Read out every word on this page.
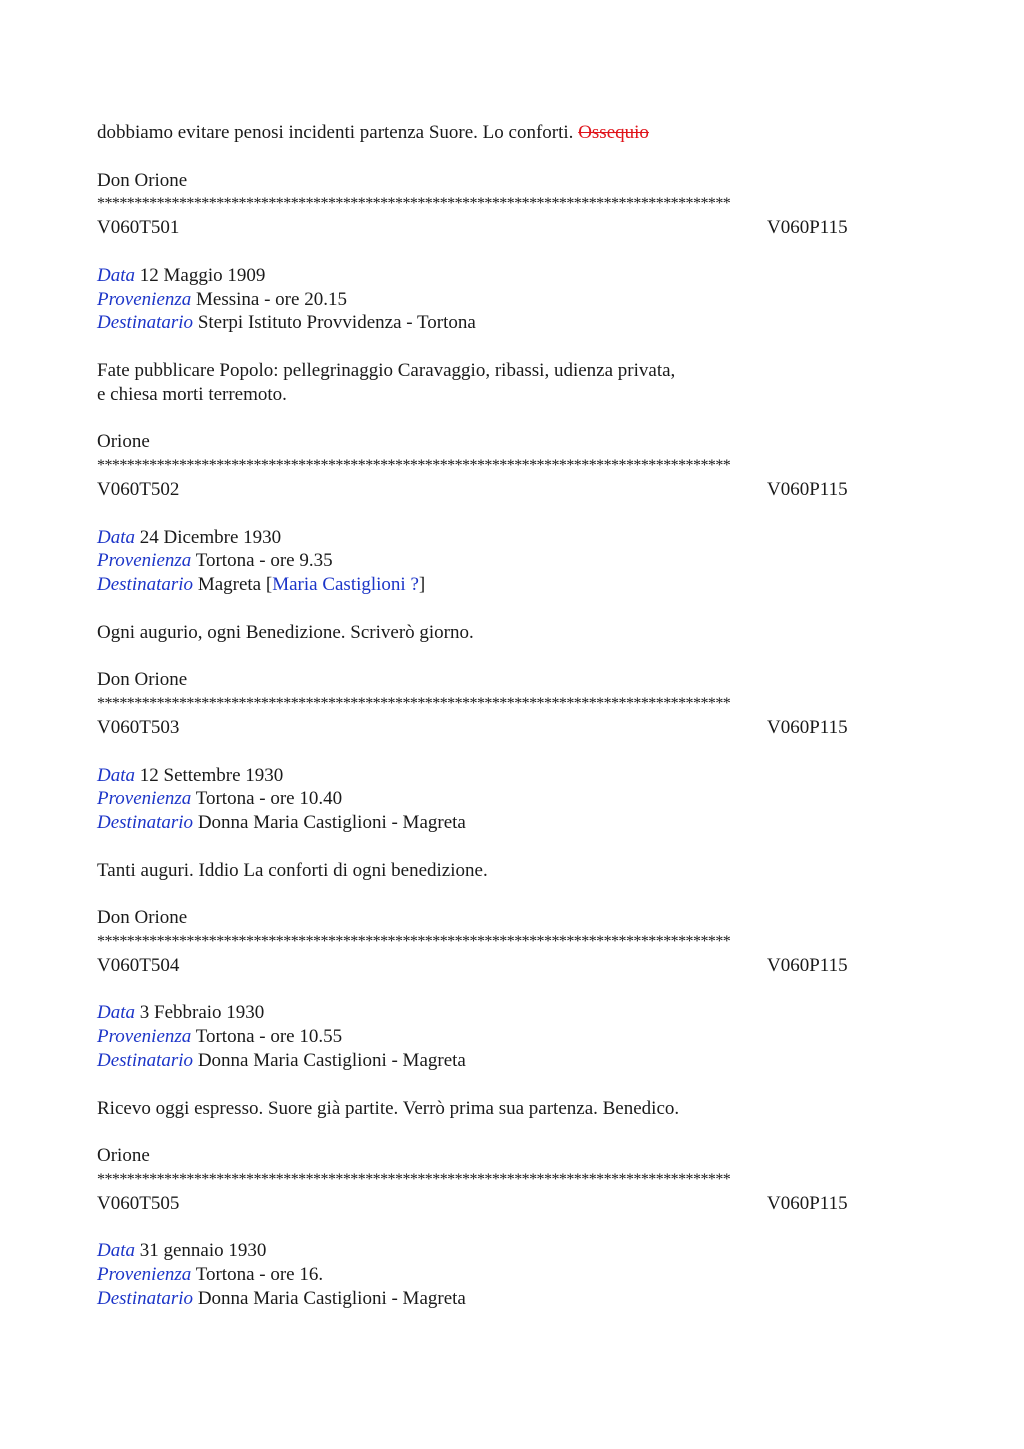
dobbiamo evitare penosi incidenti partenza Suore. Lo conforti. Ossequio
Don Orione
*************************************************************************************
V060T501	V060P115
Data 12 Maggio 1909
Provenienza Messina - ore 20.15
Destinatario Sterpi Istituto Provvidenza - Tortona
Fate pubblicare Popolo: pellegrinaggio Caravaggio, ribassi, udienza privata,
e chiesa morti terremoto.
Orione
*************************************************************************************
V060T502	V060P115
Data 24 Dicembre 1930
Provenienza Tortona - ore 9.35
Destinatario Magreta [Maria Castiglioni ?]
Ogni augurio, ogni Benedizione. Scriverò giorno.
Don Orione
*************************************************************************************
V060T503	V060P115
Data 12 Settembre 1930
Provenienza Tortona - ore 10.40
Destinatario Donna Maria Castiglioni - Magreta
Tanti auguri. Iddio La conforti di ogni benedizione.
Don Orione
*************************************************************************************
V060T504	V060P115
Data 3 Febbraio 1930
Provenienza Tortona - ore 10.55
Destinatario Donna Maria Castiglioni - Magreta
Ricevo oggi espresso. Suore già partite. Verrò prima sua partenza. Benedico.
Orione
*************************************************************************************
V060T505	V060P115
Data 31 gennaio 1930
Provenienza Tortona - ore 16.
Destinatario Donna Maria Castiglioni - Magreta
